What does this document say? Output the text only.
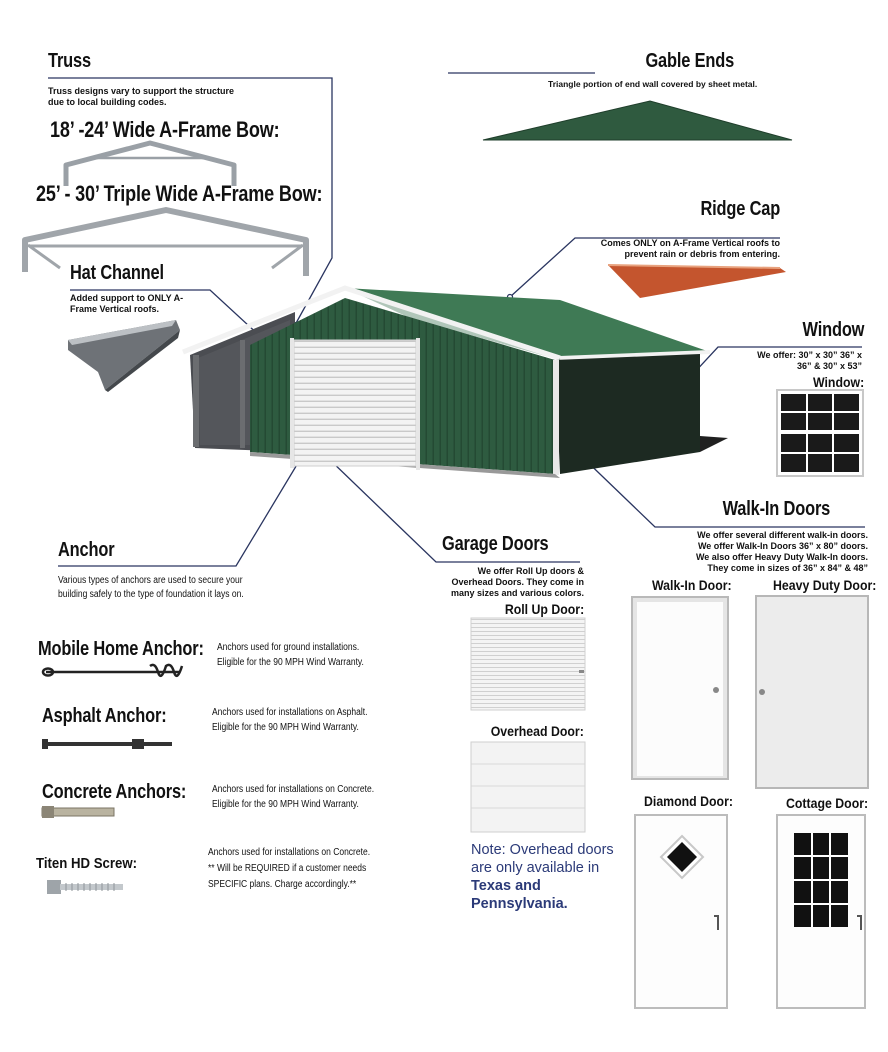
Truss
Truss designs vary to support the structure due to local building codes.
18’ -24’ Wide A-Frame Bow:
25’ - 30’ Triple Wide A-Frame Bow:
Gable Ends
Triangle portion of end wall covered by sheet metal.
Ridge Cap
Comes ONLY on A-Frame Vertical roofs to prevent rain or debris from entering.
Hat Channel
Added support to ONLY A-Frame Vertical roofs.
Window
We offer: 30” x 30” 36” x 36” & 30” x 53”
Window:
Walk-In Doors
We offer several different walk-in doors.
We offer Walk-In Doors 36” x 80” doors.
We also offer Heavy Duty Walk-In doors.
They come in sizes of 36” x 84” & 48”
Walk-In Door:	Heavy Duty Door:
Diamond Door:	Cottage Door:
Garage Doors
We offer Roll Up doors & Overhead Doors. They come in many sizes and various colors.
Roll Up Door:
Overhead Door:
Note: Overhead doors are only available in Texas and Pennsylvania.
Anchor
Various types of anchors are used to secure your building safely to the type of foundation it lays on.
Mobile Home Anchor: Anchors used for ground installations.
Eligible for the 90 MPH Wind Warranty.
Asphalt Anchor:	Anchors used for installations on Asphalt.
Eligible for the 90 MPH Wind Warranty.
Concrete Anchors:	Anchors used for installations on Concrete.
Eligible for the 90 MPH Wind Warranty.
Titen HD Screw:
Anchors used for installations on Concrete.
** Will be REQUIRED if a customer needs
SPECIFIC plans. Charge accordingly.**
